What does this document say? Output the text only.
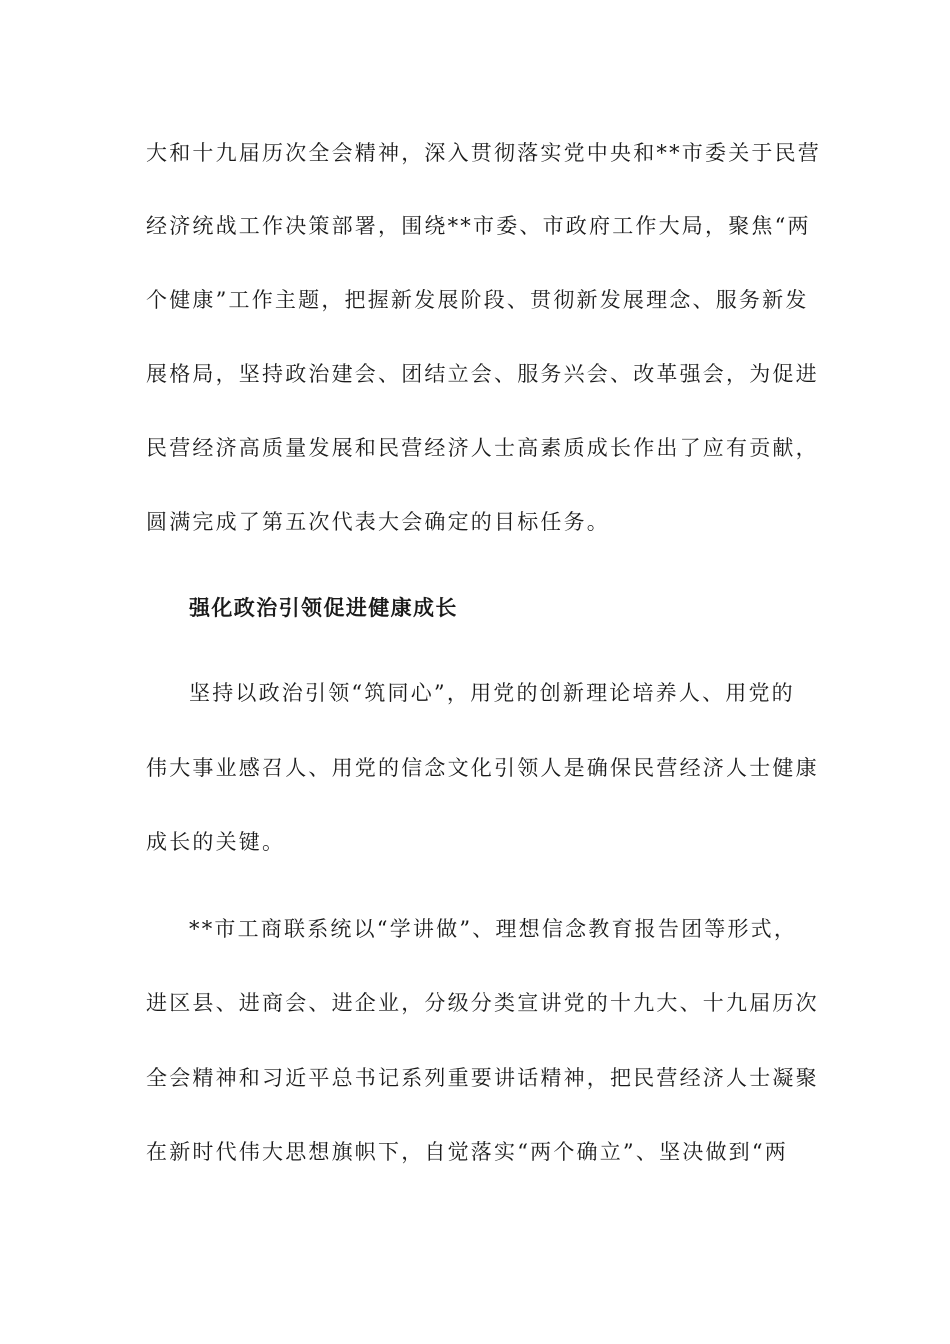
大和十九届历次全会精神，深入贯彻落实党中央和**市委关于民营
经济统战工作决策部署，围绕**市委、市政府工作大局，聚焦“两
个健康”工作主题，把握新发展阶段、贯彻新发展理念、服务新发
展格局，坚持政治建会、团结立会、服务兴会、改革强会，为促进
民营经济高质量发展和民营经济人士高素质成长作出了应有贡献，
圆满完成了第五次代表大会确定的目标任务。
强化政治引领促进健康成长
坚持以政治引领“筑同心”，用党的创新理论培养人、用党的
伟大事业感召人、用党的信念文化引领人是确保民营经济人士健康
成长的关键。
**市工商联系统以“学讲做”、理想信念教育报告团等形式，
进区县、进商会、进企业，分级分类宣讲党的十九大、十九届历次
全会精神和习近平总书记系列重要讲话精神，把民营经济人士凝聚
在新时代伟大思想旗帜下，自觉落实“两个确立”、坚决做到“两
